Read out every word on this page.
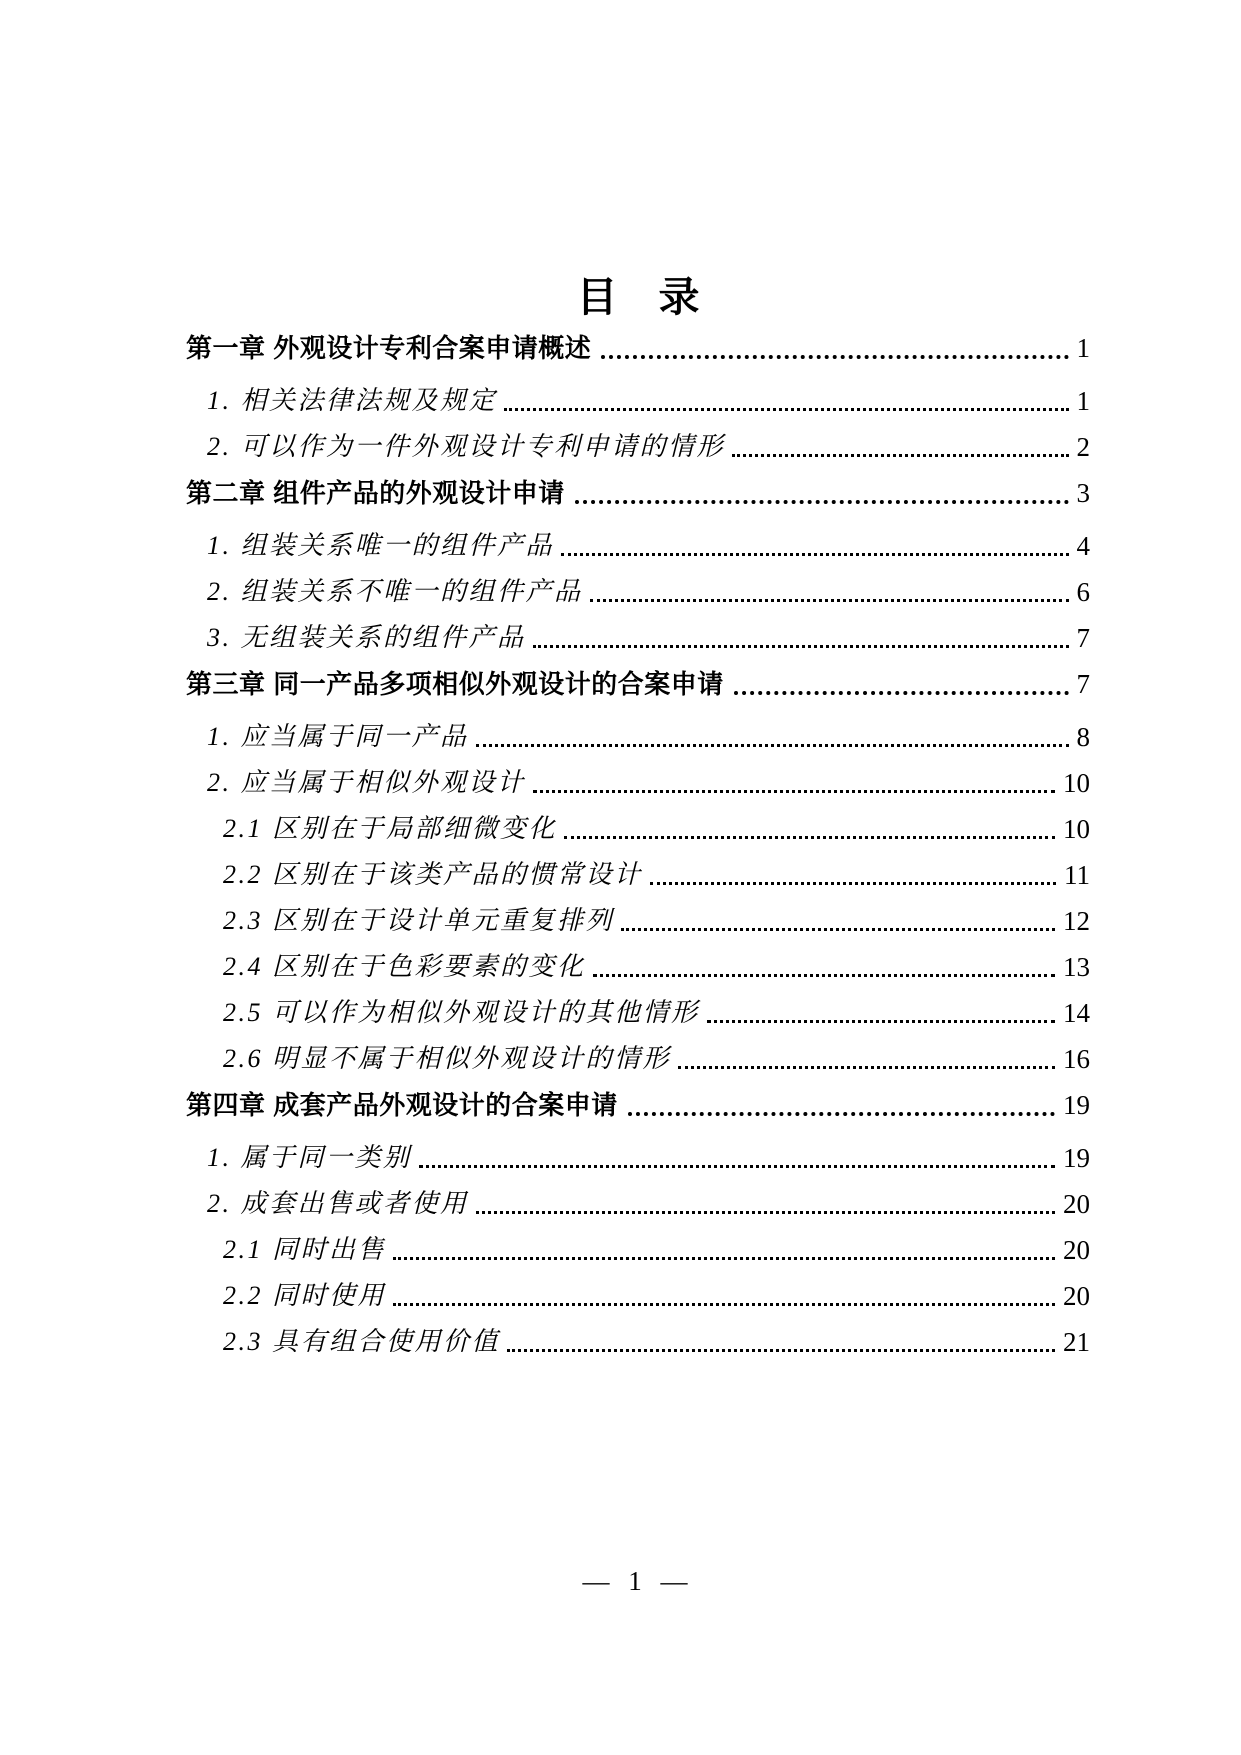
目　录
第一章 外观设计专利合案申请概述	1
1. 相关法律法规及规定	1
2. 可以作为一件外观设计专利申请的情形	2
第二章 组件产品的外观设计申请	3
1. 组装关系唯一的组件产品	4
2. 组装关系不唯一的组件产品	6
3. 无组装关系的组件产品	7
第三章 同一产品多项相似外观设计的合案申请	7
1. 应当属于同一产品	8
2. 应当属于相似外观设计	10
2.1 区别在于局部细微变化	10
2.2 区别在于该类产品的惯常设计	11
2.3 区别在于设计单元重复排列	12
2.4 区别在于色彩要素的变化	13
2.5 可以作为相似外观设计的其他情形	14
2.6 明显不属于相似外观设计的情形	16
第四章 成套产品外观设计的合案申请	19
1. 属于同一类别	19
2. 成套出售或者使用	20
2.1 同时出售	20
2.2 同时使用	20
2.3 具有组合使用价值	21
— 1 —
